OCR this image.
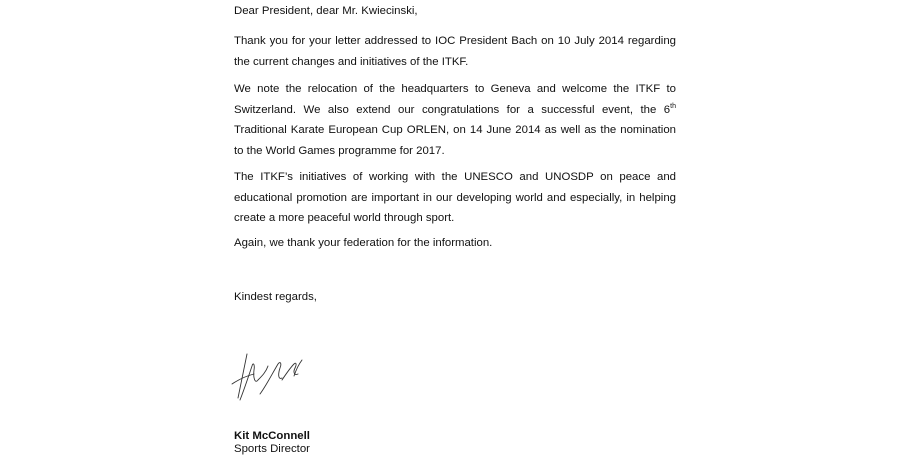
Dear President, dear Mr. Kwiecinski,
Thank you for your letter addressed to IOC President Bach on 10 July 2014 regarding the current changes and initiatives of the ITKF.
We note the relocation of the headquarters to Geneva and welcome the ITKF to Switzerland. We also extend our congratulations for a successful event, the 6th Traditional Karate European Cup ORLEN, on 14 June 2014 as well as the nomination to the World Games programme for 2017.
The ITKF’s initiatives of working with the UNESCO and UNOSDP on peace and educational promotion are important in our developing world and especially, in helping create a more peaceful world through sport.
Again, we thank your federation for the information.
Kindest regards,
Kit McConnell
Sports Director
